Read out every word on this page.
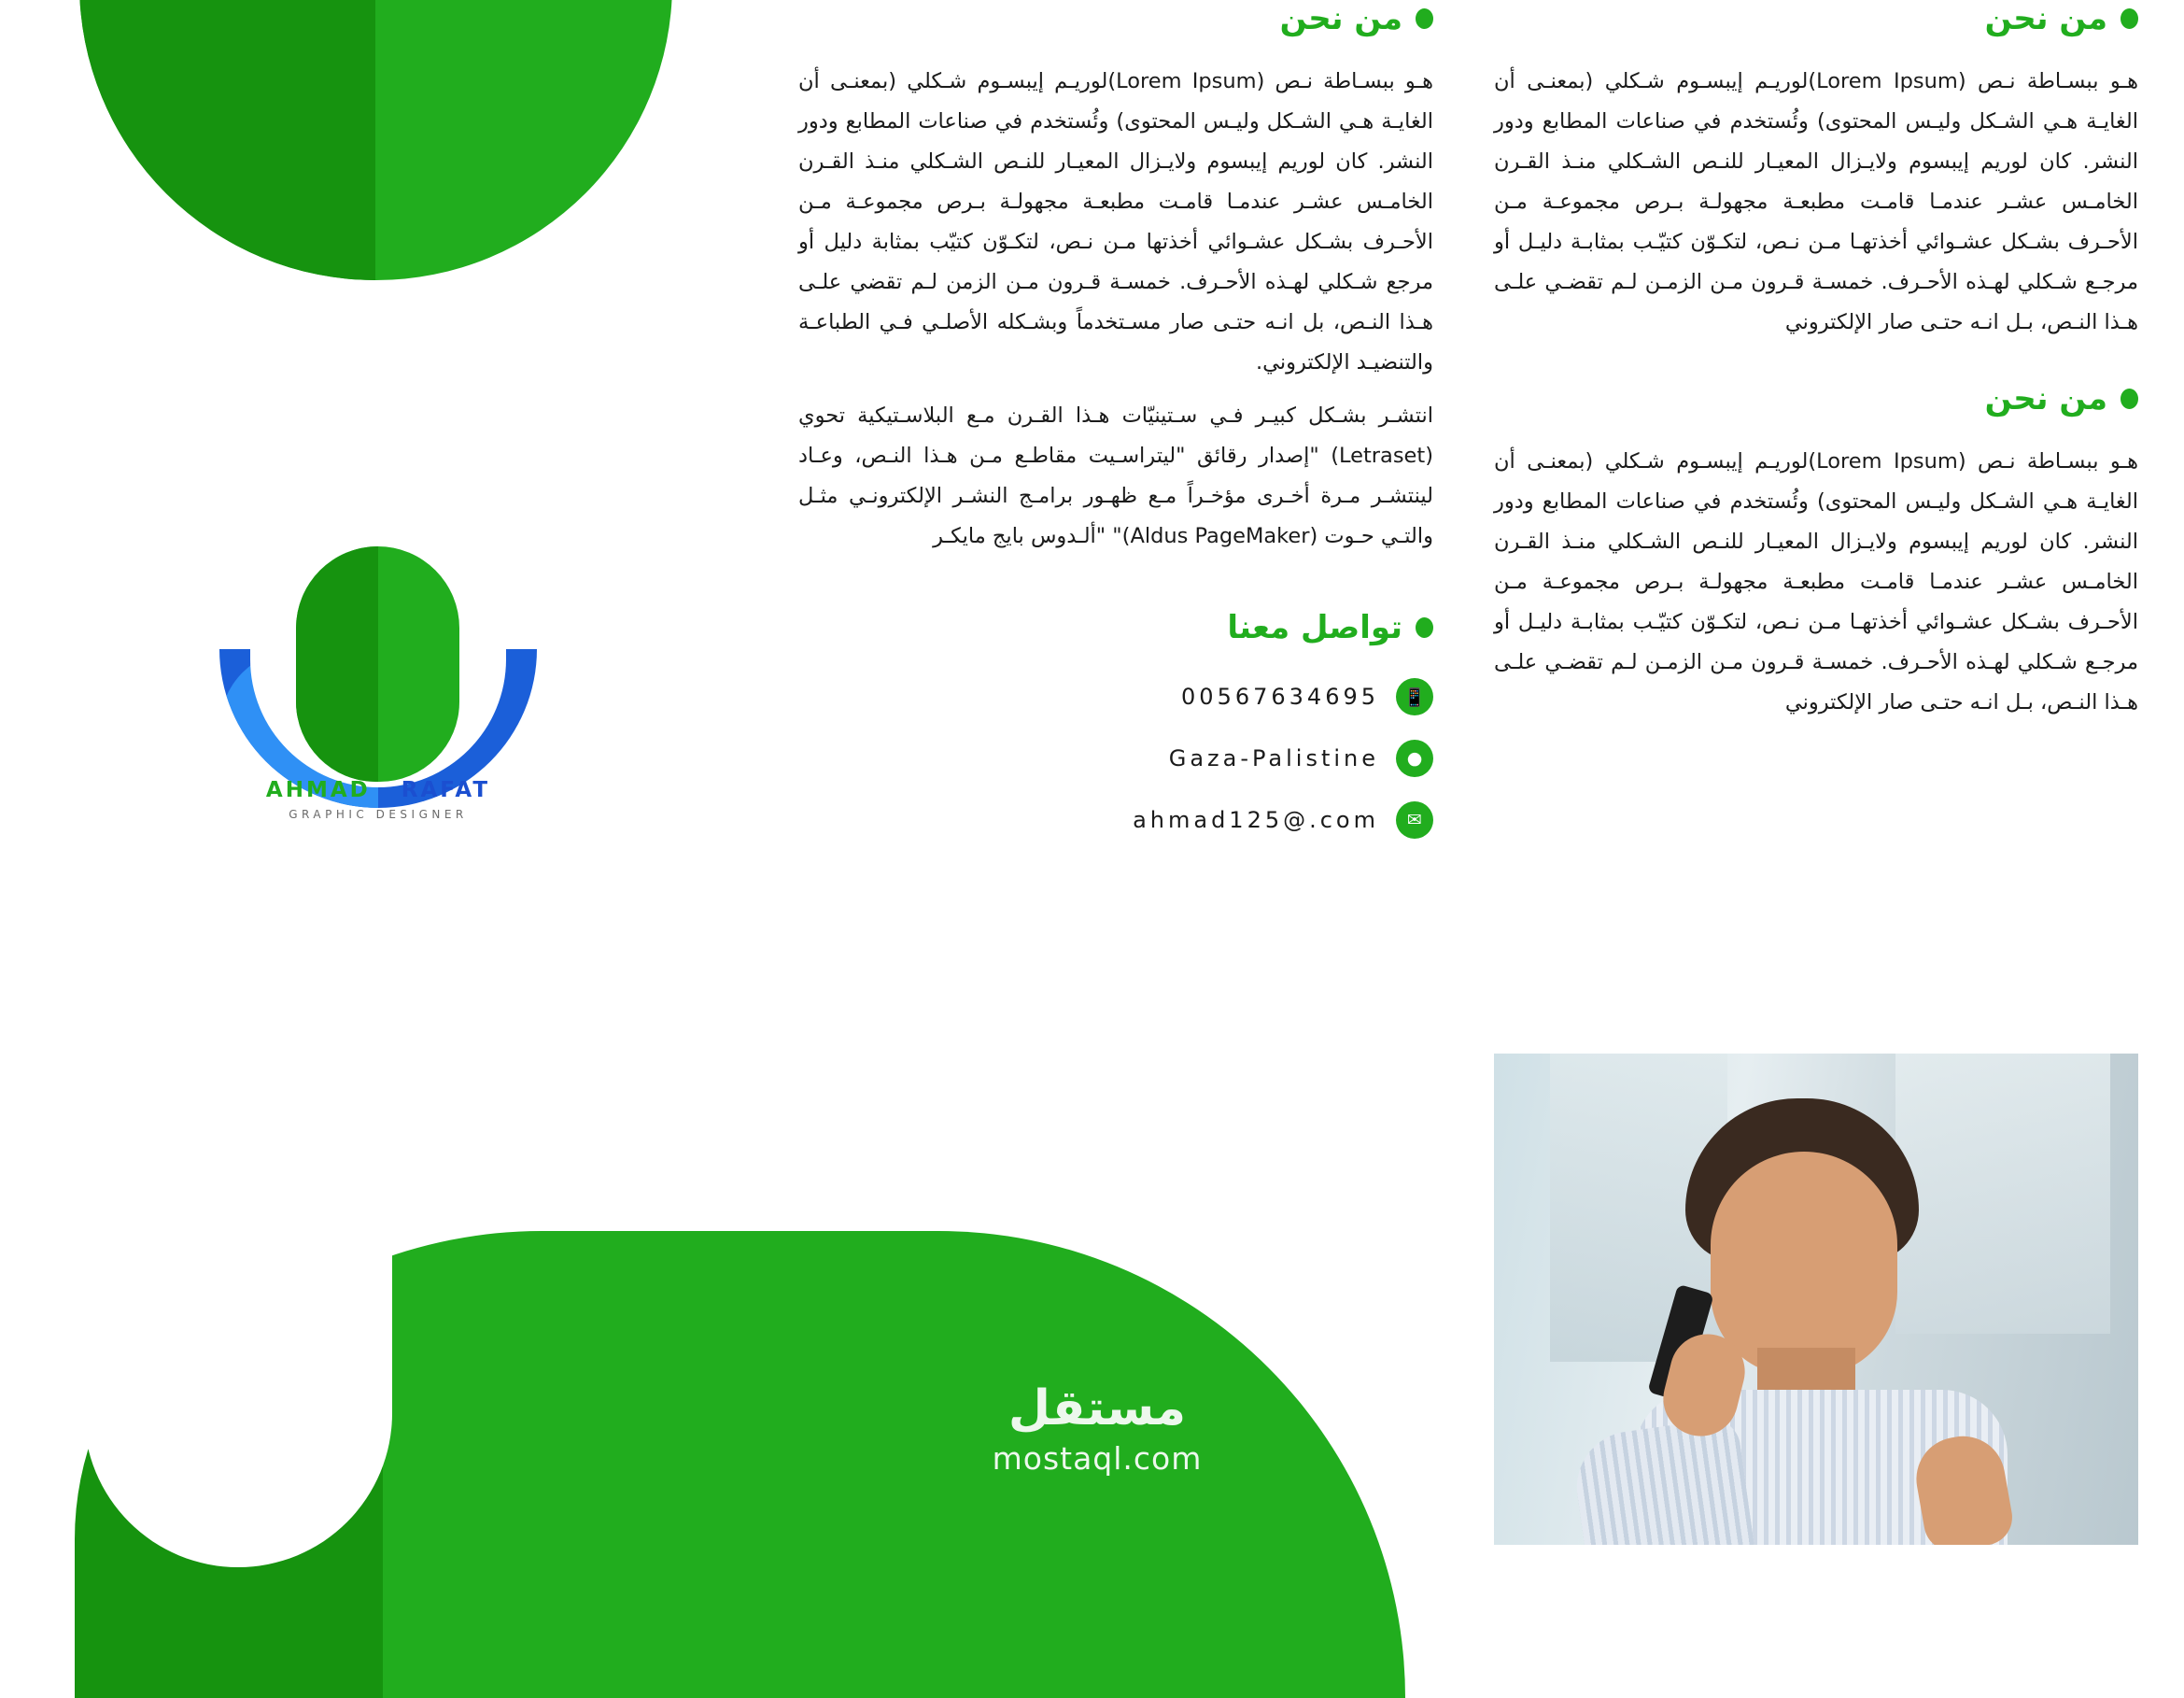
AHMAD RAFAT
GRAPHIC DESIGNER
من نحن

هـو ببسـاطة نـص (Lorem Ipsum)لوريـم إيبسـوم شـكلي (بمعنـى أن الغايـة هـي الشـكل وليـس المحتوى) وئُستخدم في صناعات المطابع ودور النشر. كان لوريم إيبسوم ولايـزال المعيـار للنـص الشـكلي منـذ القـرن الخامـس عشـر عندمـا قامـت مطبعـة مجهولـة بـرص مجموعـة مـن الأحـرف بشـكل عشـوائي أخذتها مـن نـص، لتكـوّن كتيّب بمثابة دليل أو مرجع شـكلي لهـذه الأحـرف. خمسـة قـرون مـن الزمن لـم تقضي علـى هـذا النـص، بل انـه حتـى صار مسـتخدماً وبشـكله الأصلـي فـي الطباعـة والتنضيـد الإلكتروني.

انتشـر بشـكل كبيـر فـي سـتينيّات هـذا القـرن مـع البلاسـتيكية تحوي (Letraset) "إصدار رقائق "ليتراسـيت مقاطـع مـن هـذا النـص، وعـاد لينتشـر مـرة أخـرى مؤخـراً مـع ظهـور برامـج النشـر الإلكترونـي مثـل والتـي حـوت (Aldus PageMaker)" "ألـدوس بايج مايكـر

تواصل معنا
📱
00567634695
●
Gaza-Palistine
✉
ahmad125@.com
من نحن

هـو ببسـاطة نـص (Lorem Ipsum)لوريـم إيبسـوم شـكلي (بمعنـى أن الغايـة هـي الشـكل وليـس المحتوى) وئُستخدم في صناعات المطابع ودور النشر. كان لوريم إيبسوم ولايـزال المعيـار للنـص الشـكلي منـذ القـرن الخامـس عشـر عندمـا قامـت مطبعـة مجهولـة بـرص مجموعـة مـن الأحـرف بشـكل عشـوائي أخذتهـا مـن نـص، لتكـوّن كتيّـب بمثابـة دليـل أو مرجـع شـكلي لهـذه الأحـرف. خمسـة قـرون مـن الزمـن لـم تقضـي علـى هـذا النـص، بـل انـه حتـى صار الإلكتروني

من نحن

هـو ببسـاطة نـص (Lorem Ipsum)لوريـم إيبسـوم شـكلي (بمعنـى أن الغايـة هـي الشـكل وليـس المحتوى) وئُستخدم في صناعات المطابع ودور النشر. كان لوريم إيبسوم ولايـزال المعيـار للنـص الشـكلي منـذ القـرن الخامـس عشـر عندمـا قامـت مطبعـة مجهولـة بـرص مجموعـة مـن الأحـرف بشـكل عشـوائي أخذتهـا مـن نـص، لتكـوّن كتيّـب بمثابـة دليـل أو مرجـع شـكلي لهـذه الأحـرف. خمسـة قـرون مـن الزمـن لـم تقضـي علـى هـذا النـص، بـل انـه حتـى صار الإلكتروني

مستقل
mostaql.com
